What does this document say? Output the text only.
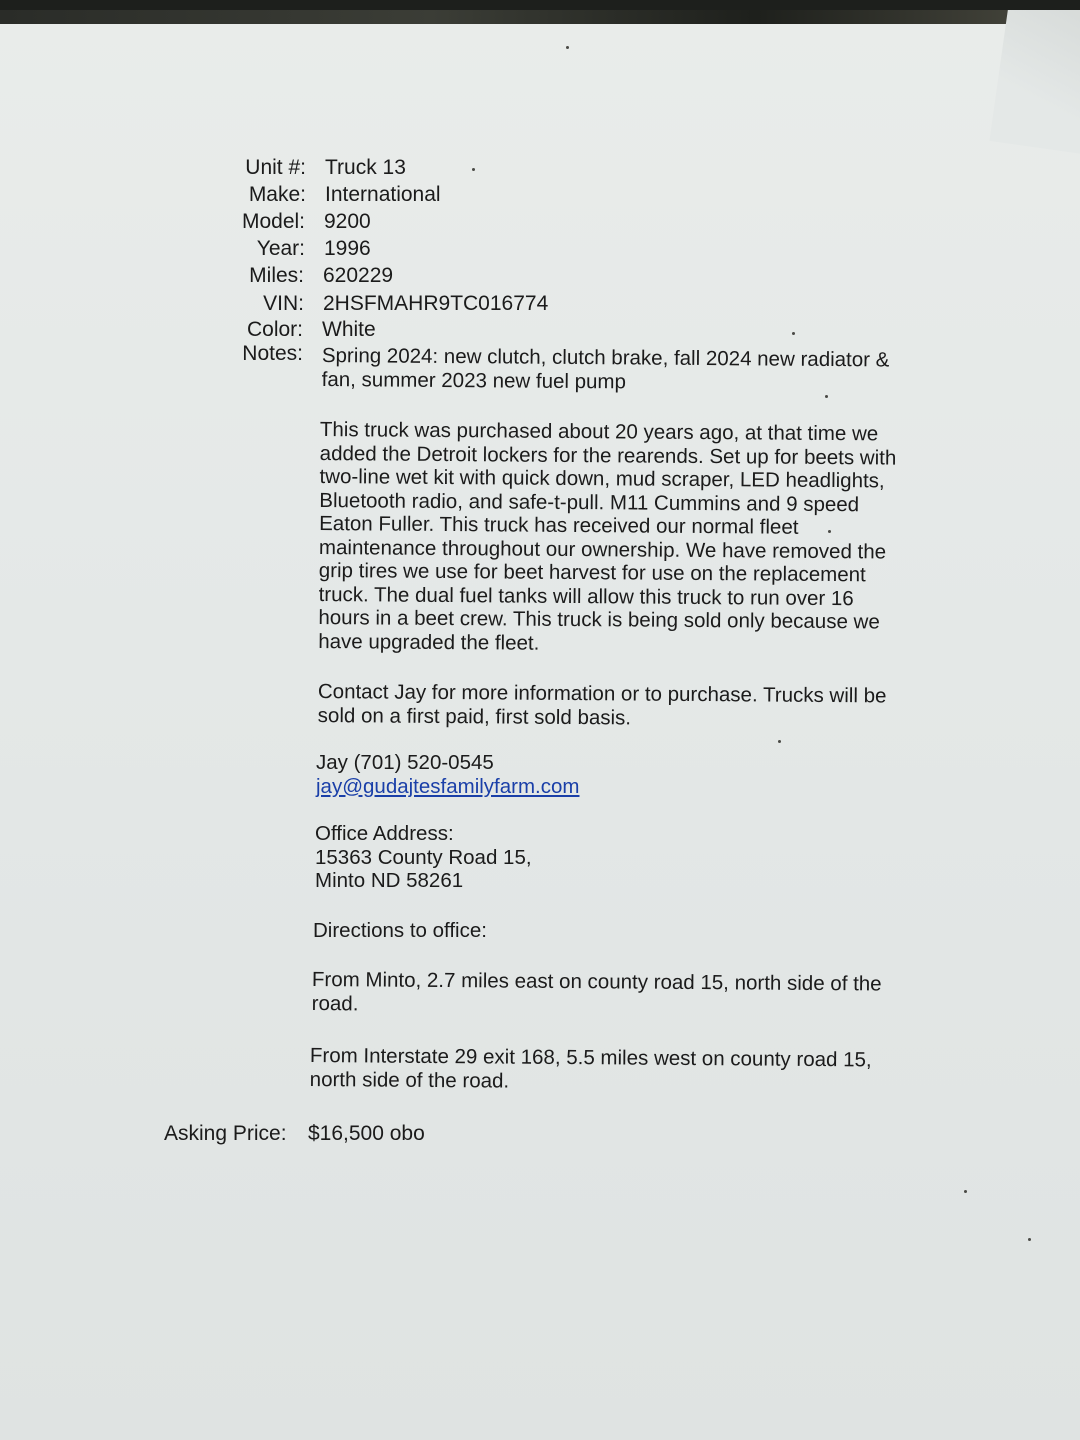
Unit #: Truck 13
Make: International
Model: 9200
Year: 1996
Miles: 620229
VIN: 2HSFMAHR9TC016774
Color: White
Notes: Spring 2024: new clutch, clutch brake, fall 2024 new radiator &
fan, summer 2023 new fuel pump
This truck was purchased about 20 years ago, at that time we
added the Detroit lockers for the rearends. Set up for beets with
two-line wet kit with quick down, mud scraper, LED headlights,
Bluetooth radio, and safe-t-pull. M11 Cummins and 9 speed
Eaton Fuller. This truck has received our normal fleet
maintenance throughout our ownership. We have removed the
grip tires we use for beet harvest for use on the replacement
truck. The dual fuel tanks will allow this truck to run over 16
hours in a beet crew. This truck is being sold only because we
have upgraded the fleet.
Contact Jay for more information or to purchase. Trucks will be
sold on a first paid, first sold basis.
Jay (701) 520-0545
jay@gudajtesfamilyfarm.com
Office Address:
15363 County Road 15,
Minto ND 58261
Directions to office:
From Minto, 2.7 miles east on county road 15, north side of the
road.
From Interstate 29 exit 168, 5.5 miles west on county road 15,
north side of the road.
Asking Price: $16,500 obo
